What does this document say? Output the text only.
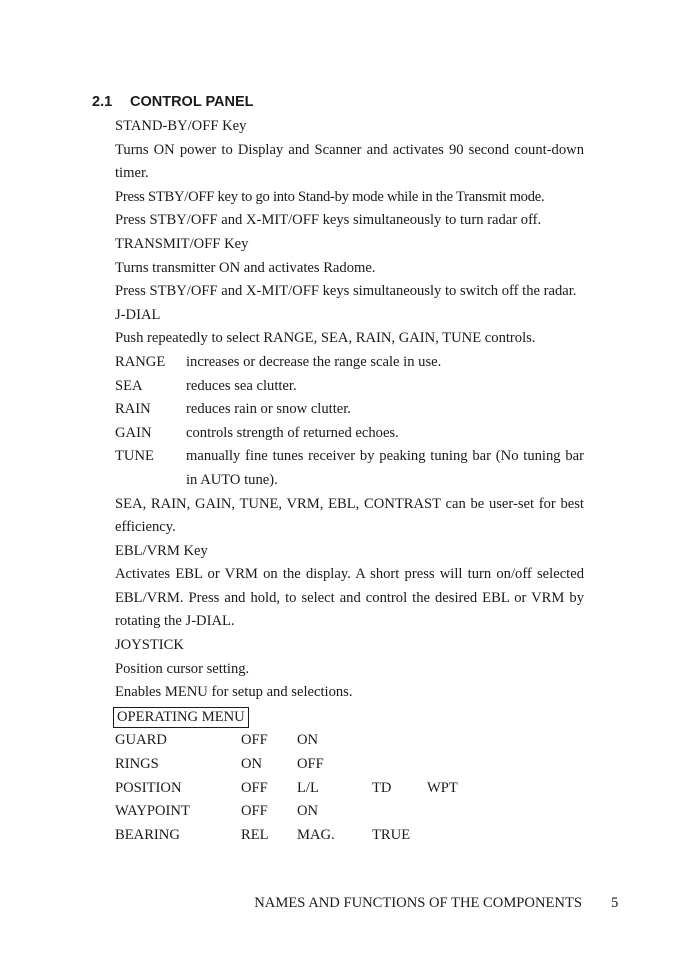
2.1 CONTROL PANEL

STAND-BY/OFF Key

Turns ON power to Display and Scanner and activates 90 second count-down timer.

Press STBY/OFF key to go into Stand-by mode while in the Transmit mode.

Press STBY/OFF and X-MIT/OFF keys simultaneously to turn radar off.

TRANSMIT/OFF Key

Turns transmitter ON and activates Radome.

Press STBY/OFF and X-MIT/OFF keys simultaneously to switch off the radar.

J-DIAL

Push repeatedly to select RANGE, SEA, RAIN, GAIN, TUNE controls.

RANGE	increases or decrease the range scale in use.
SEA	reduces sea clutter.
RAIN	reduces rain or snow clutter.
GAIN	controls strength of returned echoes.
TUNE	manually fine tunes receiver by peaking tuning bar (No tuning bar in AUTO tune).

SEA, RAIN, GAIN, TUNE, VRM, EBL, CONTRAST can be user-set for best efficiency.

EBL/VRM Key

Activates EBL or VRM on the display. A short press will turn on/off selected EBL/VRM. Press and hold, to select and control the desired EBL or VRM by rotating the J-DIAL.

JOYSTICK

Position cursor setting.

Enables MENU for setup and selections.

OPERATING MENU
GUARD	OFF	ON
RINGS	ON	OFF
POSITION	OFF	L/L	TD	WPT
WAYPOINT	OFF	ON
BEARING	REL	MAG.	TRUE
NAMES AND FUNCTIONS OF THE COMPONENTS 5
